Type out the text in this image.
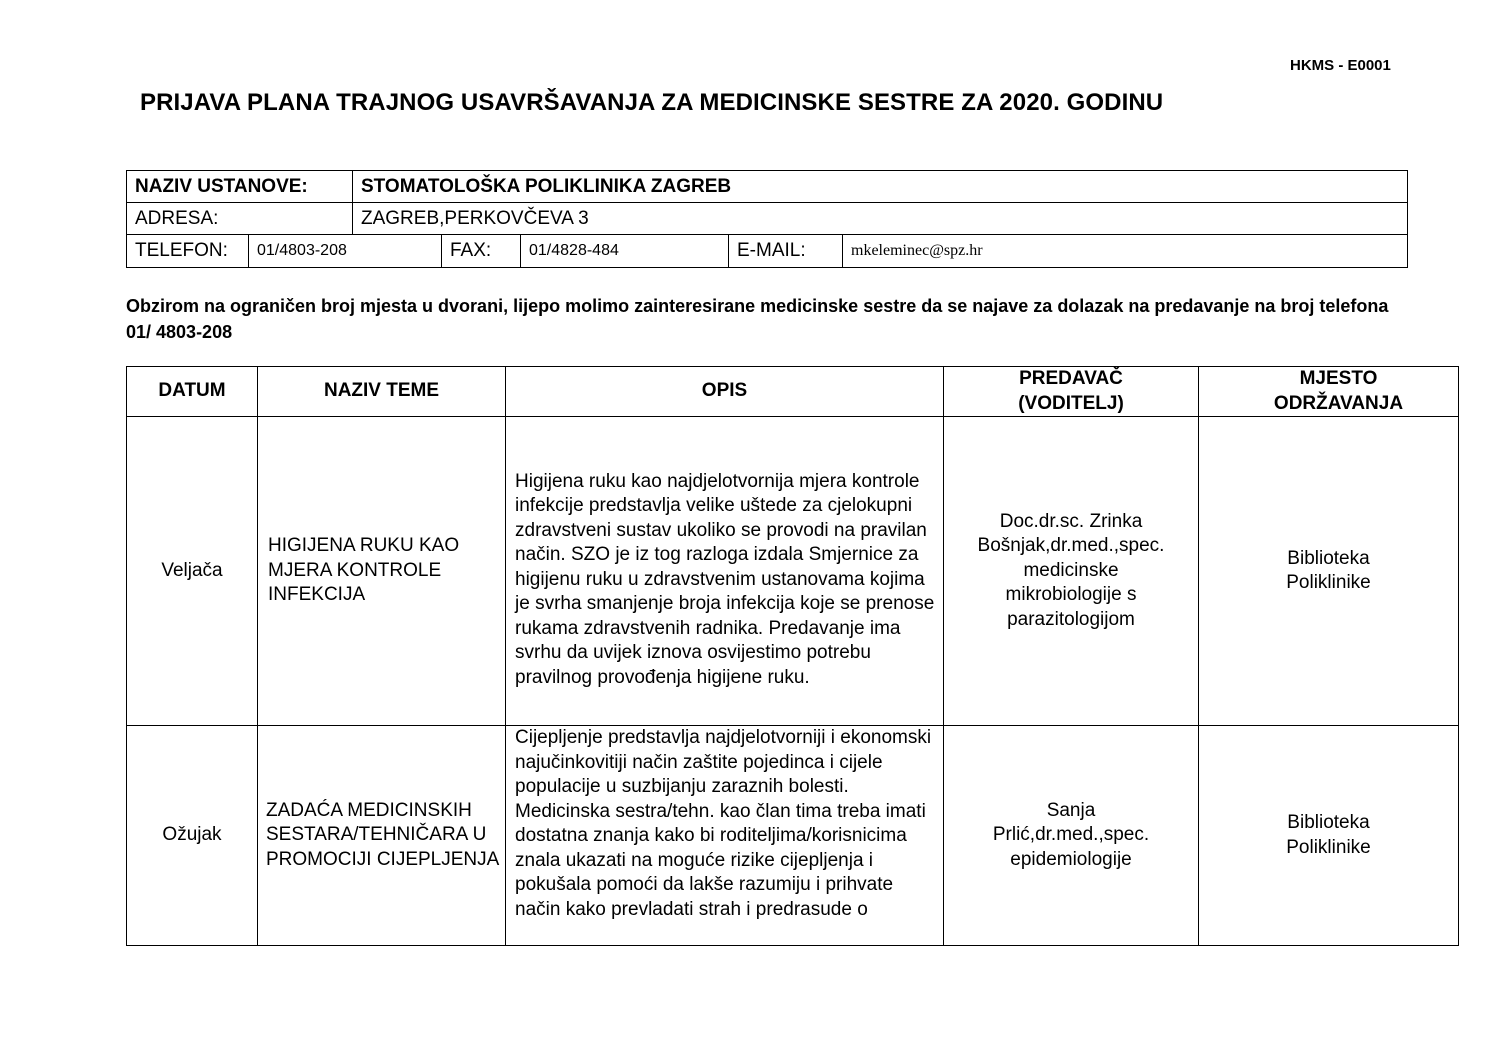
HKMS - E0001
PRIJAVA PLANA TRAJNOG USAVRŠAVANJA ZA MEDICINSKE SESTRE ZA 2020. GODINU
NAZIV USTANOVE:	STOMATOLOŠKA POLIKLINIKA ZAGREB
ADRESA:	ZAGREB,PERKOVČEVA 3
TELEFON:	01/4803-208	FAX:	01/4828-484	E-MAIL:	mkeleminec@spz.hr
Obzirom na ograničen broj mjesta u dvorani, lijepo molimo zainteresirane medicinske sestre da se najave za dolazak na predavanje na broj telefona 01/ 4803-208
DATUM	NAZIV TEME	OPIS	PREDAVAČ (VODITELJ)	MJESTO ODRŽAVANJA
Veljača	HIGIJENA RUKU KAO MJERA KONTROLE INFEKCIJA	Higijena ruku kao najdjelotvornija mjera kontrole infekcije predstavlja velike uštede za cjelokupni zdravstveni sustav ukoliko se provodi na pravilan način. SZO je iz tog razloga izdala Smjernice za higijenu ruku u zdravstvenim ustanovama kojima je svrha smanjenje broja infekcija koje se prenose rukama zdravstvenih radnika. Predavanje ima svrhu da uvijek iznova osvijestimo potrebu pravilnog provođenja higijene ruku.	Doc.dr.sc. Zrinka Bošnjak,dr.med.,spec. medicinske mikrobiologije s parazitologijom	Biblioteka Poliklinike
Ožujak	ZADAĆA MEDICINSKIH SESTARA/TEHNIČARA U PROMOCIJI CIJEPLJENJA	Cijepljenje predstavlja najdjelotvorniji i ekonomski najučinkovitiji način zaštite pojedinca i cijele populacije u suzbijanju zaraznih bolesti. Medicinska sestra/tehn. kao član tima treba imati dostatna znanja kako bi roditeljima/korisnicima znala ukazati na moguće rizike cijepljenja i pokušala pomoći da lakše razumiju i prihvate način kako prevladati strah i predrasude o	Sanja Prlić,dr.med.,spec. epidemiologije	Biblioteka Poliklinike
